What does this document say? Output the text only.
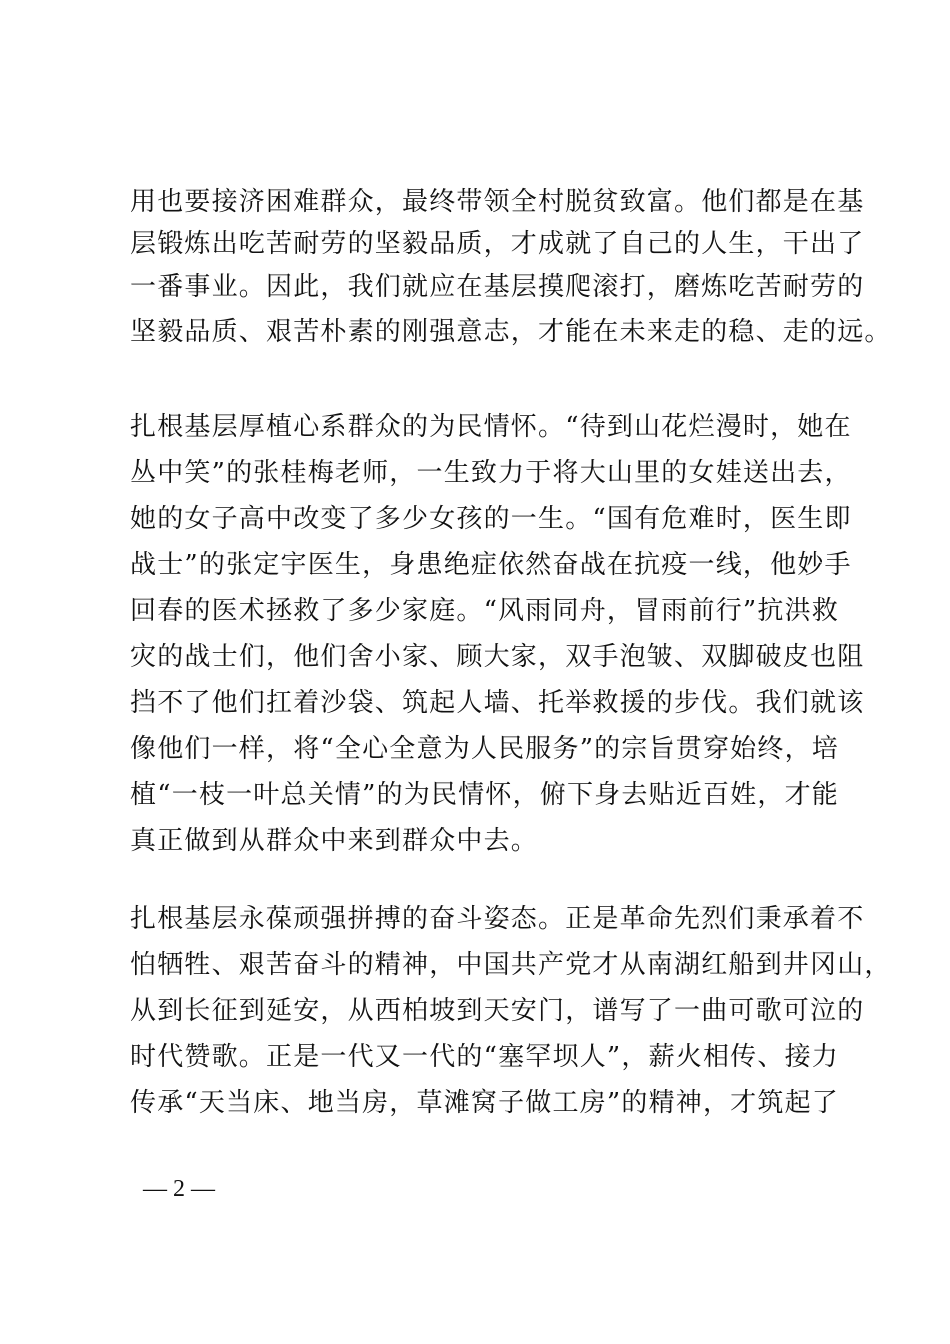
用也要接济困难群众，最终带领全村脱贫致富。他们都是在基
层锻炼出吃苦耐劳的坚毅品质，才成就了自己的人生，干出了
一番事业。因此，我们就应在基层摸爬滚打，磨炼吃苦耐劳的
坚毅品质、艰苦朴素的刚强意志，才能在未来走的稳、走的远。
扎根基层厚植心系群众的为民情怀。“待到山花烂漫时，她在
丛中笑”的张桂梅老师，一生致力于将大山里的女娃送出去，
她的女子高中改变了多少女孩的一生。“国有危难时，医生即
战士”的张定宇医生，身患绝症依然奋战在抗疫一线，他妙手
回春的医术拯救了多少家庭。“风雨同舟，冒雨前行”抗洪救
灾的战士们，他们舍小家、顾大家，双手泡皱、双脚破皮也阻
挡不了他们扛着沙袋、筑起人墙、托举救援的步伐。我们就该
像他们一样，将“全心全意为人民服务”的宗旨贯穿始终，培
植“一枝一叶总关情”的为民情怀，俯下身去贴近百姓，才能
真正做到从群众中来到群众中去。
扎根基层永葆顽强拼搏的奋斗姿态。正是革命先烈们秉承着不
怕牺牲、艰苦奋斗的精神，中国共产党才从南湖红船到井冈山，
从到长征到延安，从西柏坡到天安门，谱写了一曲可歌可泣的
时代赞歌。正是一代又一代的“塞罕坝人”，薪火相传、接力
传承“天当床、地当房，草滩窝子做工房”的精神，才筑起了
— 2 —
